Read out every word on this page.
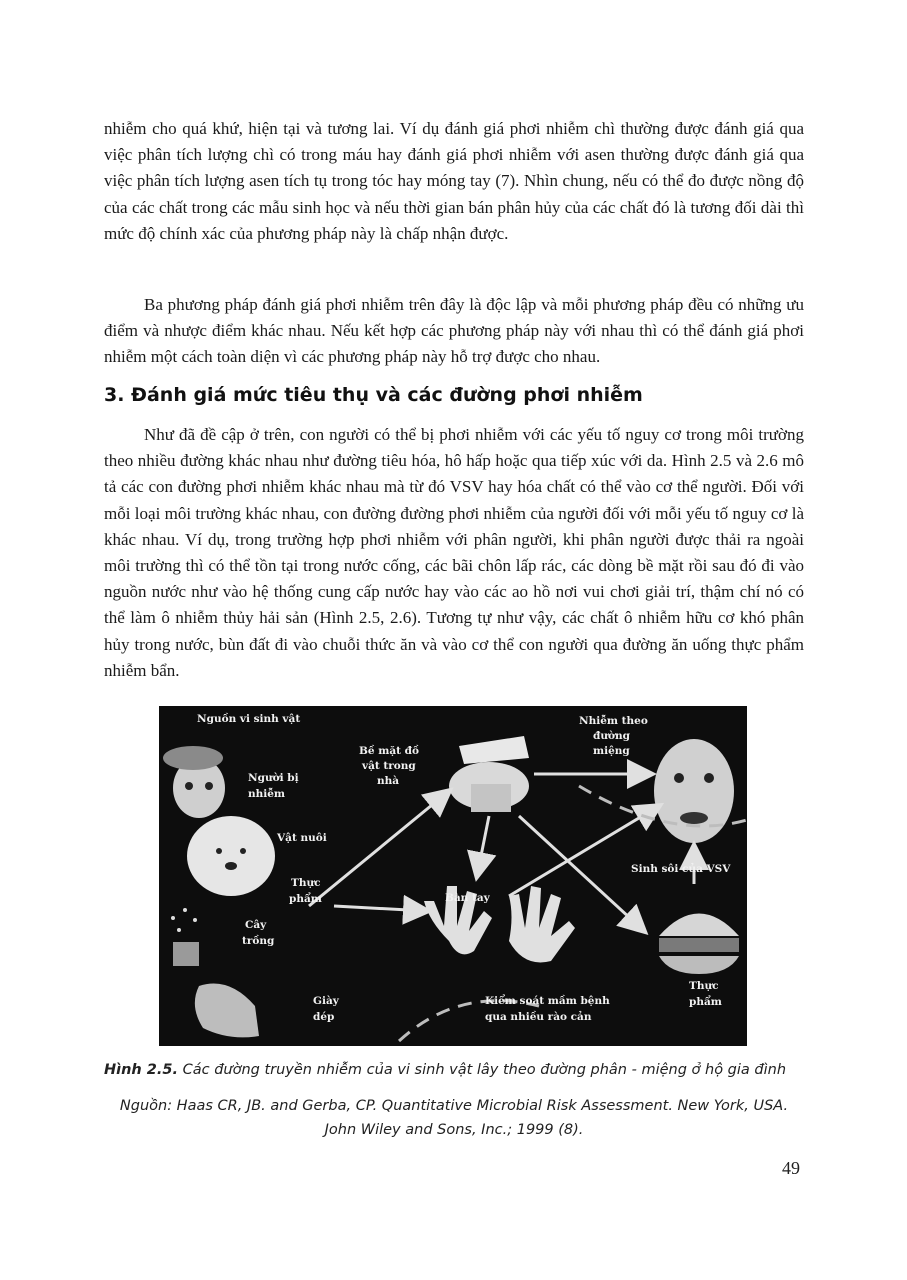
nhiễm cho quá khứ, hiện tại và tương lai. Ví dụ đánh giá phơi nhiễm chì thường được đánh giá qua việc phân tích lượng chì có trong máu hay đánh giá phơi nhiễm với asen thường được đánh giá qua việc phân tích lượng asen tích tụ trong tóc hay móng tay (7). Nhìn chung, nếu có thể đo được nồng độ của các chất trong các mẫu sinh học và nếu thời gian bán phân hủy của các chất đó là tương đối dài thì mức độ chính xác của phương pháp này là chấp nhận được.

Ba phương pháp đánh giá phơi nhiễm trên đây là độc lập và mỗi phương pháp đều có những ưu điểm và nhược điểm khác nhau. Nếu kết hợp các phương pháp này với nhau thì có thể đánh giá phơi nhiễm một cách toàn diện vì các phương pháp này hỗ trợ được cho nhau.

3. Đánh giá mức tiêu thụ và các đường phơi nhiễm

Như đã đề cập ở trên, con người có thể bị phơi nhiễm với các yếu tố nguy cơ trong môi trường theo nhiều đường khác nhau như đường tiêu hóa, hô hấp hoặc qua tiếp xúc với da. Hình 2.5 và 2.6 mô tả các con đường phơi nhiễm khác nhau mà từ đó VSV hay hóa chất có thể vào cơ thể người. Đối với mỗi loại môi trường khác nhau, con đường đường phơi nhiễm của người đối với mỗi yếu tố nguy cơ là khác nhau. Ví dụ, trong trường hợp phơi nhiễm với phân người, khi phân người được thải ra ngoài môi trường thì có thể tồn tại trong nước cống, các bãi chôn lấp rác, các dòng bề mặt rồi sau đó đi vào nguồn nước như vào hệ thống cung cấp nước hay vào các ao hồ nơi vui chơi giải trí, thậm chí nó có thể làm ô nhiễm thủy hải sản (Hình 2.5, 2.6). Tương tự như vậy, các chất ô nhiễm hữu cơ khó phân hủy trong nước, bùn đất đi vào chuỗi thức ăn và vào cơ thể con người qua đường ăn uống thực phẩm nhiễm bẩn.

Nguồn vi sinh vật
Người bị
nhiễm
Vật nuôi
Thực
phẩm
Cây
trồng
Giày
dép
Bề mặt đồ
vật trong
nhà
Bàn tay
Kiểm soát mầm bệnh
qua nhiều rào cản
Nhiễm theo
đường
miệng
Sinh sôi của VSV
Thực
phẩm

Hình 2.5. Các đường truyền nhiễm của vi sinh vật lây theo đường phân - miệng ở hộ gia đình

Nguồn: Haas CR, JB. and Gerba, CP. Quantitative Microbial Risk Assessment. New York, USA. John Wiley and Sons, Inc.; 1999 (8).

49
